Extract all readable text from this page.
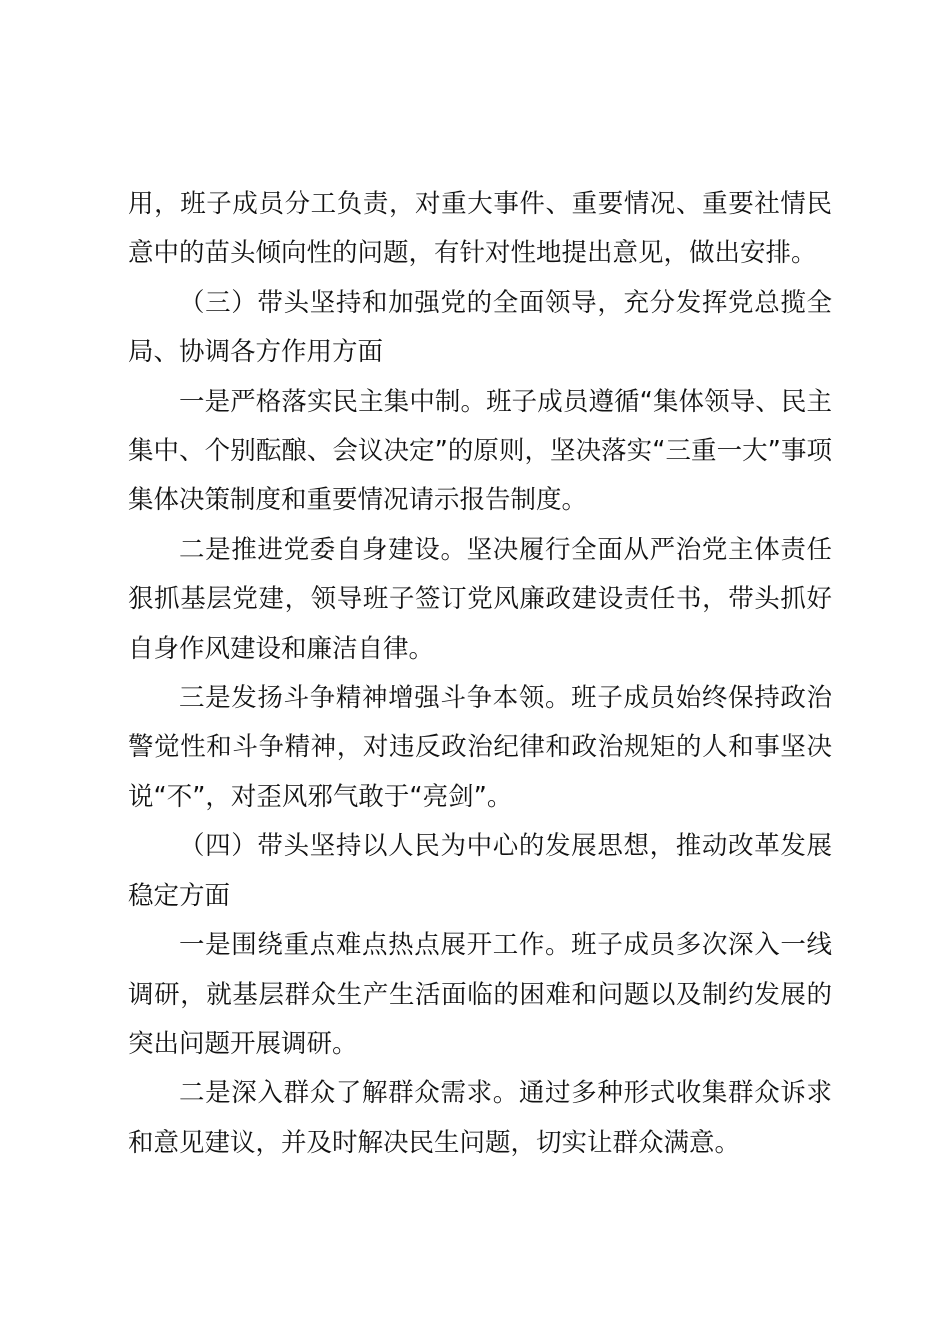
用，班子成员分工负责，对重大事件、重要情况、重要社情民意中的苗头倾向性的问题，有针对性地提出意见，做出安排。

（三）带头坚持和加强党的全面领导，充分发挥党总揽全局、协调各方作用方面

一是严格落实民主集中制。班子成员遵循“集体领导、民主集中、个别酝酿、会议决定”的原则，坚决落实“三重一大”事项集体决策制度和重要情况请示报告制度。

二是推进党委自身建设。坚决履行全面从严治党主体责任狠抓基层党建，领导班子签订党风廉政建设责任书，带头抓好自身作风建设和廉洁自律。

三是发扬斗争精神增强斗争本领。班子成员始终保持政治警觉性和斗争精神，对违反政治纪律和政治规矩的人和事坚决说“不”，对歪风邪气敢于“亮剑”。

（四）带头坚持以人民为中心的发展思想，推动改革发展稳定方面

一是围绕重点难点热点展开工作。班子成员多次深入一线调研，就基层群众生产生活面临的困难和问题以及制约发展的突出问题开展调研。

二是深入群众了解群众需求。通过多种形式收集群众诉求和意见建议，并及时解决民生问题，切实让群众满意。
